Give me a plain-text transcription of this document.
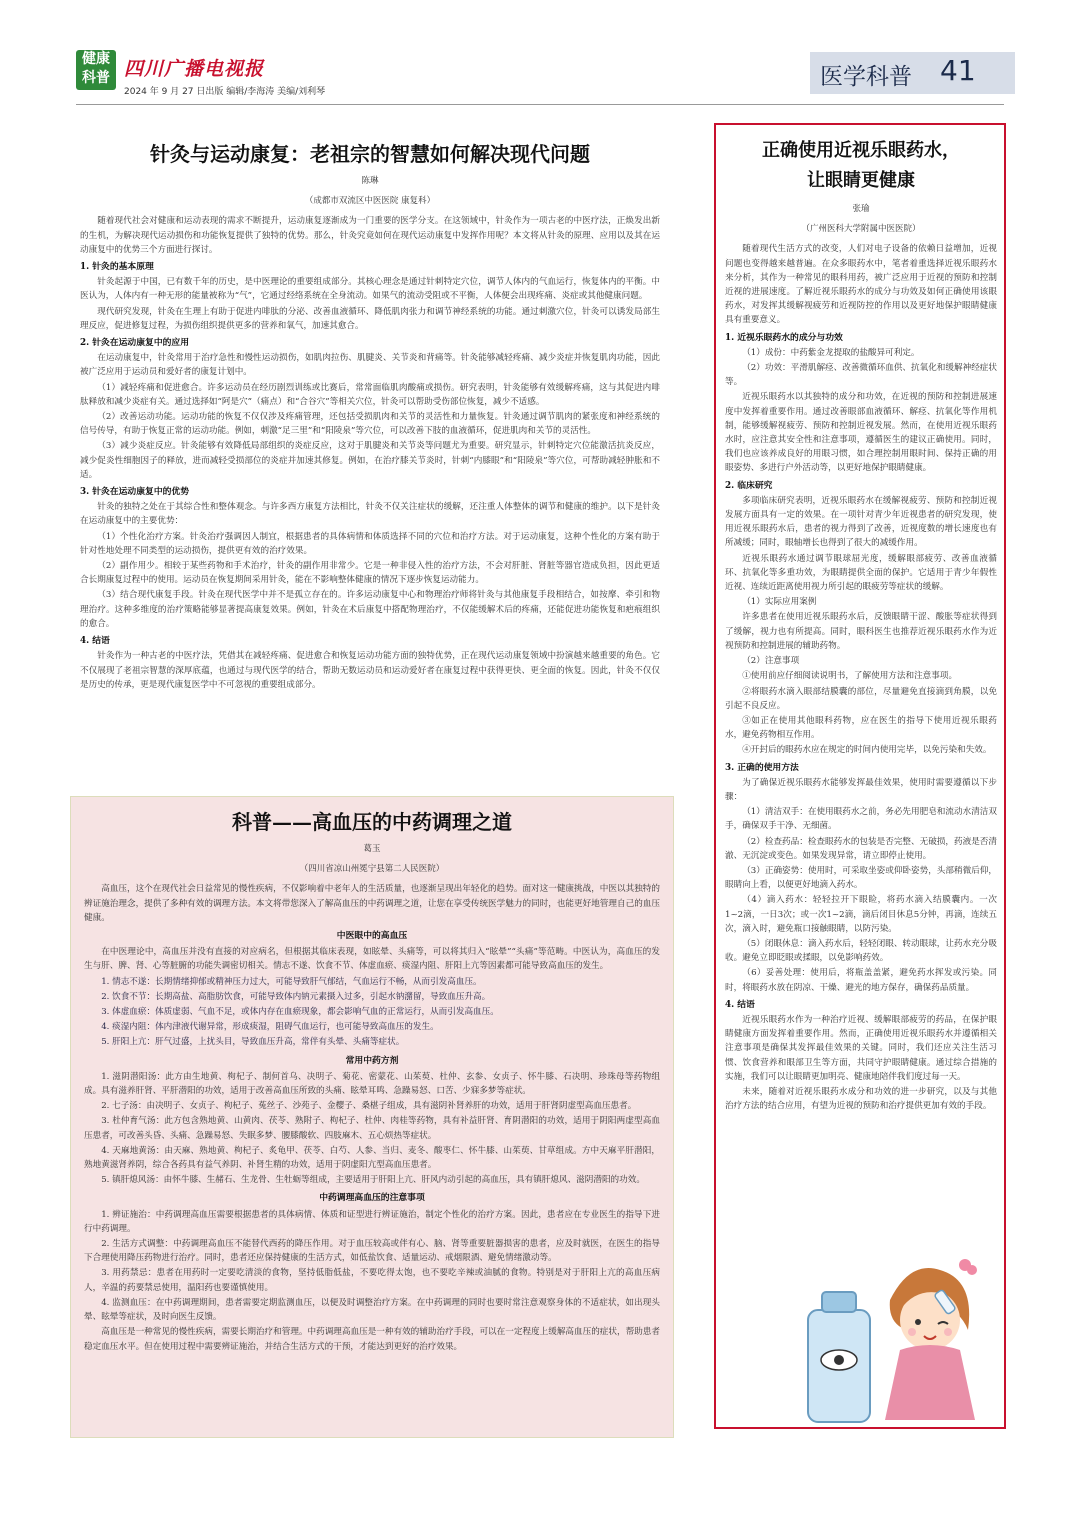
健康
科普 四川广播电视报
2024 年 9 月 27 日出版 编辑/李海涛 美编/刘利琴
医学科普 41
针灸与运动康复：老祖宗的智慧如何解决现代问题
陈琳
（成都市双流区中医医院 康复科）

随着现代社会对健康和运动表现的需求不断提升，运动康复逐渐成为一门重要的医学分支。在这领域中，针灸作为一项古老的中医疗法，正焕发出新的生机，为解决现代运动损伤和功能恢复提供了独特的优势。那么，针灸究竟如何在现代运动康复中发挥作用呢？本文将从针灸的原理、应用以及其在运动康复中的优势三个方面进行探讨。

1. 针灸的基本原理

针灸起源于中国，已有数千年的历史，是中医理论的重要组成部分。其核心理念是通过针刺特定穴位，调节人体内的气血运行，恢复体内的平衡。中医认为，人体内有一种无形的能量被称为“气”，它通过经络系统在全身流动。如果气的流动受阻或不平衡，人体便会出现疼痛、炎症或其他健康问题。

现代研究发现，针灸在生理上有助于促进内啡肽的分泌、改善血液循环、降低肌肉张力和调节神经系统的功能。通过刺激穴位，针灸可以诱发局部生理反应，促进修复过程，为损伤组织提供更多的营养和氧气，加速其愈合。

2. 针灸在运动康复中的应用

在运动康复中，针灸常用于治疗急性和慢性运动损伤，如肌肉拉伤、肌腱炎、关节炎和背痛等。针灸能够减轻疼痛、减少炎症并恢复肌肉功能，因此被广泛应用于运动员和爱好者的康复计划中。

（1）减轻疼痛和促进愈合。许多运动员在经历剧烈训练或比赛后，常常面临肌肉酸痛或损伤。研究表明，针灸能够有效缓解疼痛，这与其促进内啡肽释放和减少炎症有关。通过选择如“阿是穴”（痛点）和“合谷穴”等相关穴位，针灸可以帮助受伤部位恢复，减少不适感。

（2）改善运动功能。运动功能的恢复不仅仅涉及疼痛管理，还包括受损肌肉和关节的灵活性和力量恢复。针灸通过调节肌肉的紧张度和神经系统的信号传导，有助于恢复正常的运动功能。例如，刺激“足三里”和“阳陵泉”等穴位，可以改善下肢的血液循环，促进肌肉和关节的灵活性。

（3）减少炎症反应。针灸能够有效降低局部组织的炎症反应，这对于肌腱炎和关节炎等问题尤为重要。研究显示，针刺特定穴位能激活抗炎反应，减少促炎性细胞因子的释放，进而减轻受损部位的炎症并加速其修复。例如，在治疗膝关节炎时，针刺“内膝眼”和“阳陵泉”等穴位，可帮助减轻肿胀和不适。

3. 针灸在运动康复中的优势

针灸的独特之处在于其综合性和整体观念。与许多西方康复方法相比，针灸不仅关注症状的缓解，还注重人体整体的调节和健康的维护。以下是针灸在运动康复中的主要优势：

（1）个性化治疗方案。针灸治疗强调因人制宜，根据患者的具体病情和体质选择不同的穴位和治疗方法。对于运动康复，这种个性化的方案有助于针对性地处理不同类型的运动损伤，提供更有效的治疗效果。

（2）副作用少。相较于某些药物和手术治疗，针灸的副作用非常少。它是一种非侵入性的治疗方法，不会对肝脏、肾脏等器官造成负担，因此更适合长期康复过程中的使用。运动员在恢复期间采用针灸，能在不影响整体健康的情况下逐步恢复运动能力。

（3）结合现代康复手段。针灸在现代医学中并不是孤立存在的。许多运动康复中心和物理治疗师将针灸与其他康复手段相结合，如按摩、牵引和物理治疗。这种多维度的治疗策略能够显著提高康复效果。例如，针灸在术后康复中搭配物理治疗，不仅能缓解术后的疼痛，还能促进功能恢复和疤痕组织的愈合。

4. 结语

针灸作为一种古老的中医疗法，凭借其在减轻疼痛、促进愈合和恢复运动功能方面的独特优势，正在现代运动康复领域中扮演越来越重要的角色。它不仅展现了老祖宗智慧的深厚底蕴，也通过与现代医学的结合，帮助无数运动员和运动爱好者在康复过程中获得更快、更全面的恢复。因此，针灸不仅仅是历史的传承，更是现代康复医学中不可忽视的重要组成部分。

科普——高血压的中药调理之道
葛玉
（四川省凉山州冕宁县第二人民医院）

高血压，这个在现代社会日益常见的慢性疾病，不仅影响着中老年人的生活质量，也逐渐呈现出年轻化的趋势。面对这一健康挑战，中医以其独特的辨证施治理念，提供了多种有效的调理方法。本文将带您深入了解高血压的中药调理之道，让您在享受传统医学魅力的同时，也能更好地管理自己的血压健康。

中医眼中的高血压

在中医理论中，高血压并没有直接的对应病名，但根据其临床表现，如眩晕、头痛等，可以将其归入“眩晕”“头痛”等范畴。中医认为，高血压的发生与肝、脾、肾、心等脏腑的功能失调密切相关。情志不遂、饮食不节、体虚血瘀、痰湿内阻、肝阳上亢等因素都可能导致高血压的发生。

1. 情志不遂：长期情绪抑郁或精神压力过大，可能导致肝气郁结，气血运行不畅，从而引发高血压。

2. 饮食不节：长期高盐、高脂肪饮食，可能导致体内钠元素摄入过多，引起水钠潴留，导致血压升高。

3. 体虚血瘀：体质虚弱、气血不足，或体内存在血瘀现象，都会影响气血的正常运行，从而引发高血压。

4. 痰湿内阻：体内津液代谢异常，形成痰湿，阻碍气血运行，也可能导致高血压的发生。

5. 肝阳上亢：肝气过盛，上扰头目，导致血压升高，常伴有头晕、头痛等症状。

常用中药方剂

1. 滋阴潜阳汤：此方由生地黄、枸杞子、制何首乌、决明子、菊花、密蒙花、山茱萸、杜仲、玄参、女贞子、怀牛膝、石决明、珍珠母等药物组成。具有滋养肝肾、平肝潜阳的功效，适用于改善高血压所致的头痛、眩晕耳鸣、急躁易怒、口苦、少寐多梦等症状。

2. 七子汤：由决明子、女贞子、枸杞子、菟丝子、沙苑子、金樱子、桑椹子组成，具有滋阴补肾养肝的功效，适用于肝肾阴虚型高血压患者。

3. 杜仲育气汤：此方包含熟地黄、山黄肉、茯苓、熟附子、枸杞子、杜仲、肉桂等药物，具有补益肝肾、育阴潜阳的功效，适用于阴阳两虚型高血压患者，可改善头昏、头痛、急躁易怒、失眠多梦、腰膝酸软、四肢麻木、五心烦热等症状。

4. 天麻地黄汤：由天麻、熟地黄、枸杞子、炙龟甲、茯苓、白芍、人参、当归、麦冬、酸枣仁、怀牛膝、山茱萸、甘草组成。方中天麻平肝潜阳，熟地黄滋肾养阴，综合各药具有益气养阴、补肾生精的功效，适用于阴虚阳亢型高血压患者。

5. 镇肝熄风汤：由怀牛膝、生赭石、生龙骨、生牡蛎等组成，主要适用于肝阳上亢、肝风内动引起的高血压，具有镇肝熄风、滋阴潜阳的功效。

中药调理高血压的注意事项

1. 辨证施治：中药调理高血压需要根据患者的具体病情、体质和证型进行辨证施治，制定个性化的治疗方案。因此，患者应在专业医生的指导下进行中药调理。

2. 生活方式调整：中药调理高血压不能替代西药的降压作用。对于血压较高或伴有心、脑、肾等重要脏器损害的患者，应及时就医，在医生的指导下合理使用降压药物进行治疗。同时，患者还应保持健康的生活方式，如低盐饮食、适量运动、戒烟限酒、避免情绪激动等。

3. 用药禁忌：患者在用药时一定要吃清淡的食物，坚持低脂低盐，不要吃得太饱，也不要吃辛辣或油腻的食物。特别是对于肝阳上亢的高血压病人，辛温的药要禁忌使用，温阳药也要谨慎使用。

4. 监测血压：在中药调理期间，患者需要定期监测血压，以便及时调整治疗方案。在中药调理的同时也要时常注意观察身体的不适症状，如出现头晕、眩晕等症状，及时向医生反馈。

高血压是一种常见的慢性疾病，需要长期治疗和管理。中药调理高血压是一种有效的辅助治疗手段，可以在一定程度上缓解高血压的症状，帮助患者稳定血压水平。但在使用过程中需要辨证施治，并结合生活方式的干预，才能达到更好的治疗效果。

正确使用近视乐眼药水，
让眼睛更健康
张瑜
（广州医科大学附属中医医院）

随着现代生活方式的改变，人们对电子设备的依赖日益增加，近视问题也变得越来越普遍。在众多眼药水中，笔者着重选择近视乐眼药水来分析，其作为一种常见的眼科用药，被广泛应用于近视的预防和控制近视的进展速度。了解近视乐眼药水的成分与功效及如何正确使用该眼药水，对发挥其缓解视疲劳和近视防控的作用以及更好地保护眼睛健康具有重要意义。

1. 近视乐眼药水的成分与功效

（1）成份：中药紫金龙提取的盐酸异可利定。

（2）功效：平滑肌解痉、改善微循环血供、抗氧化和缓解神经症状等。

近视乐眼药水以其独特的成分和功效，在近视的预防和控制进展速度中发挥着重要作用。通过改善眼部血液循环、解痉、抗氧化等作用机制，能够缓解视疲劳、预防和控制近视发展。然而，在使用近视乐眼药水时，应注意其安全性和注意事项，遵循医生的建议正确使用。同时，我们也应该养成良好的用眼习惯，如合理控制用眼时间、保持正确的用眼姿势、多进行户外活动等，以更好地保护眼睛健康。

2. 临床研究

多项临床研究表明，近视乐眼药水在缓解视疲劳、预防和控制近视发展方面具有一定的效果。在一项针对青少年近视患者的研究发现，使用近视乐眼药水后，患者的视力得到了改善，近视度数的增长速度也有所减缓；同时，眼轴增长也得到了很大的减缓作用。

近视乐眼药水通过调节眼球屈光度，缓解眼部疲劳、改善血液循环、抗氧化等多重功效，为眼睛提供全面的保护。它适用于青少年假性近视、连续近距离使用视力所引起的眼疲劳等症状的缓解。

（1）实际应用案例

许多患者在使用近视乐眼药水后，反馈眼睛干涩、酸胀等症状得到了缓解，视力也有所提高。同时，眼科医生也推荐近视乐眼药水作为近视预防和控制进展的辅助药物。

（2）注意事项

①使用前应仔细阅读说明书，了解使用方法和注意事项。

②将眼药水滴入眼部结膜囊的部位，尽量避免直接滴到角膜，以免引起不良反应。

③如正在使用其他眼科药物，应在医生的指导下使用近视乐眼药水，避免药物相互作用。

④开封后的眼药水应在规定的时间内使用完毕，以免污染和失效。

3. 正确的使用方法

为了确保近视乐眼药水能够发挥最佳效果，使用时需要遵循以下步骤：

（1）清洁双手：在使用眼药水之前，务必先用肥皂和流动水清洁双手，确保双手干净、无细菌。

（2）检查药品：检查眼药水的包装是否完整、无破损，药液是否清澈、无沉淀或变色。如果发现异常，请立即停止使用。

（3）正确姿势：使用时，可采取坐姿或仰卧姿势，头部稍微后仰，眼睛向上看，以便更好地滴入药水。

（4）滴入药水：轻轻拉开下眼睑，将药水滴入结膜囊内。一次1~2滴，一日3次；或一次1~2滴，滴后闭目休息5分钟，再滴，连续五次，滴入时，避免瓶口接触眼睛，以防污染。

（5）闭眼休息：滴入药水后，轻轻闭眼、转动眼球，让药水充分吸收。避免立即眨眼或揉眼，以免影响药效。

（6）妥善处理：使用后，将瓶盖盖紧，避免药水挥发或污染。同时，将眼药水放在阴凉、干燥、避光的地方保存，确保药品质量。

4. 结语

近视乐眼药水作为一种治疗近视、缓解眼部疲劳的药品，在保护眼睛健康方面发挥着重要作用。然而，正确使用近视乐眼药水并遵循相关注意事项是确保其发挥最佳效果的关键。同时，我们还应关注生活习惯、饮食营养和眼部卫生等方面，共同守护眼睛健康。通过综合措施的实施，我们可以让眼睛更加明亮、健康地陪伴我们度过每一天。

未来，随着对近视乐眼药水成分和功效的进一步研究，以及与其他治疗方法的结合应用，有望为近视的预防和治疗提供更加有效的手段。
